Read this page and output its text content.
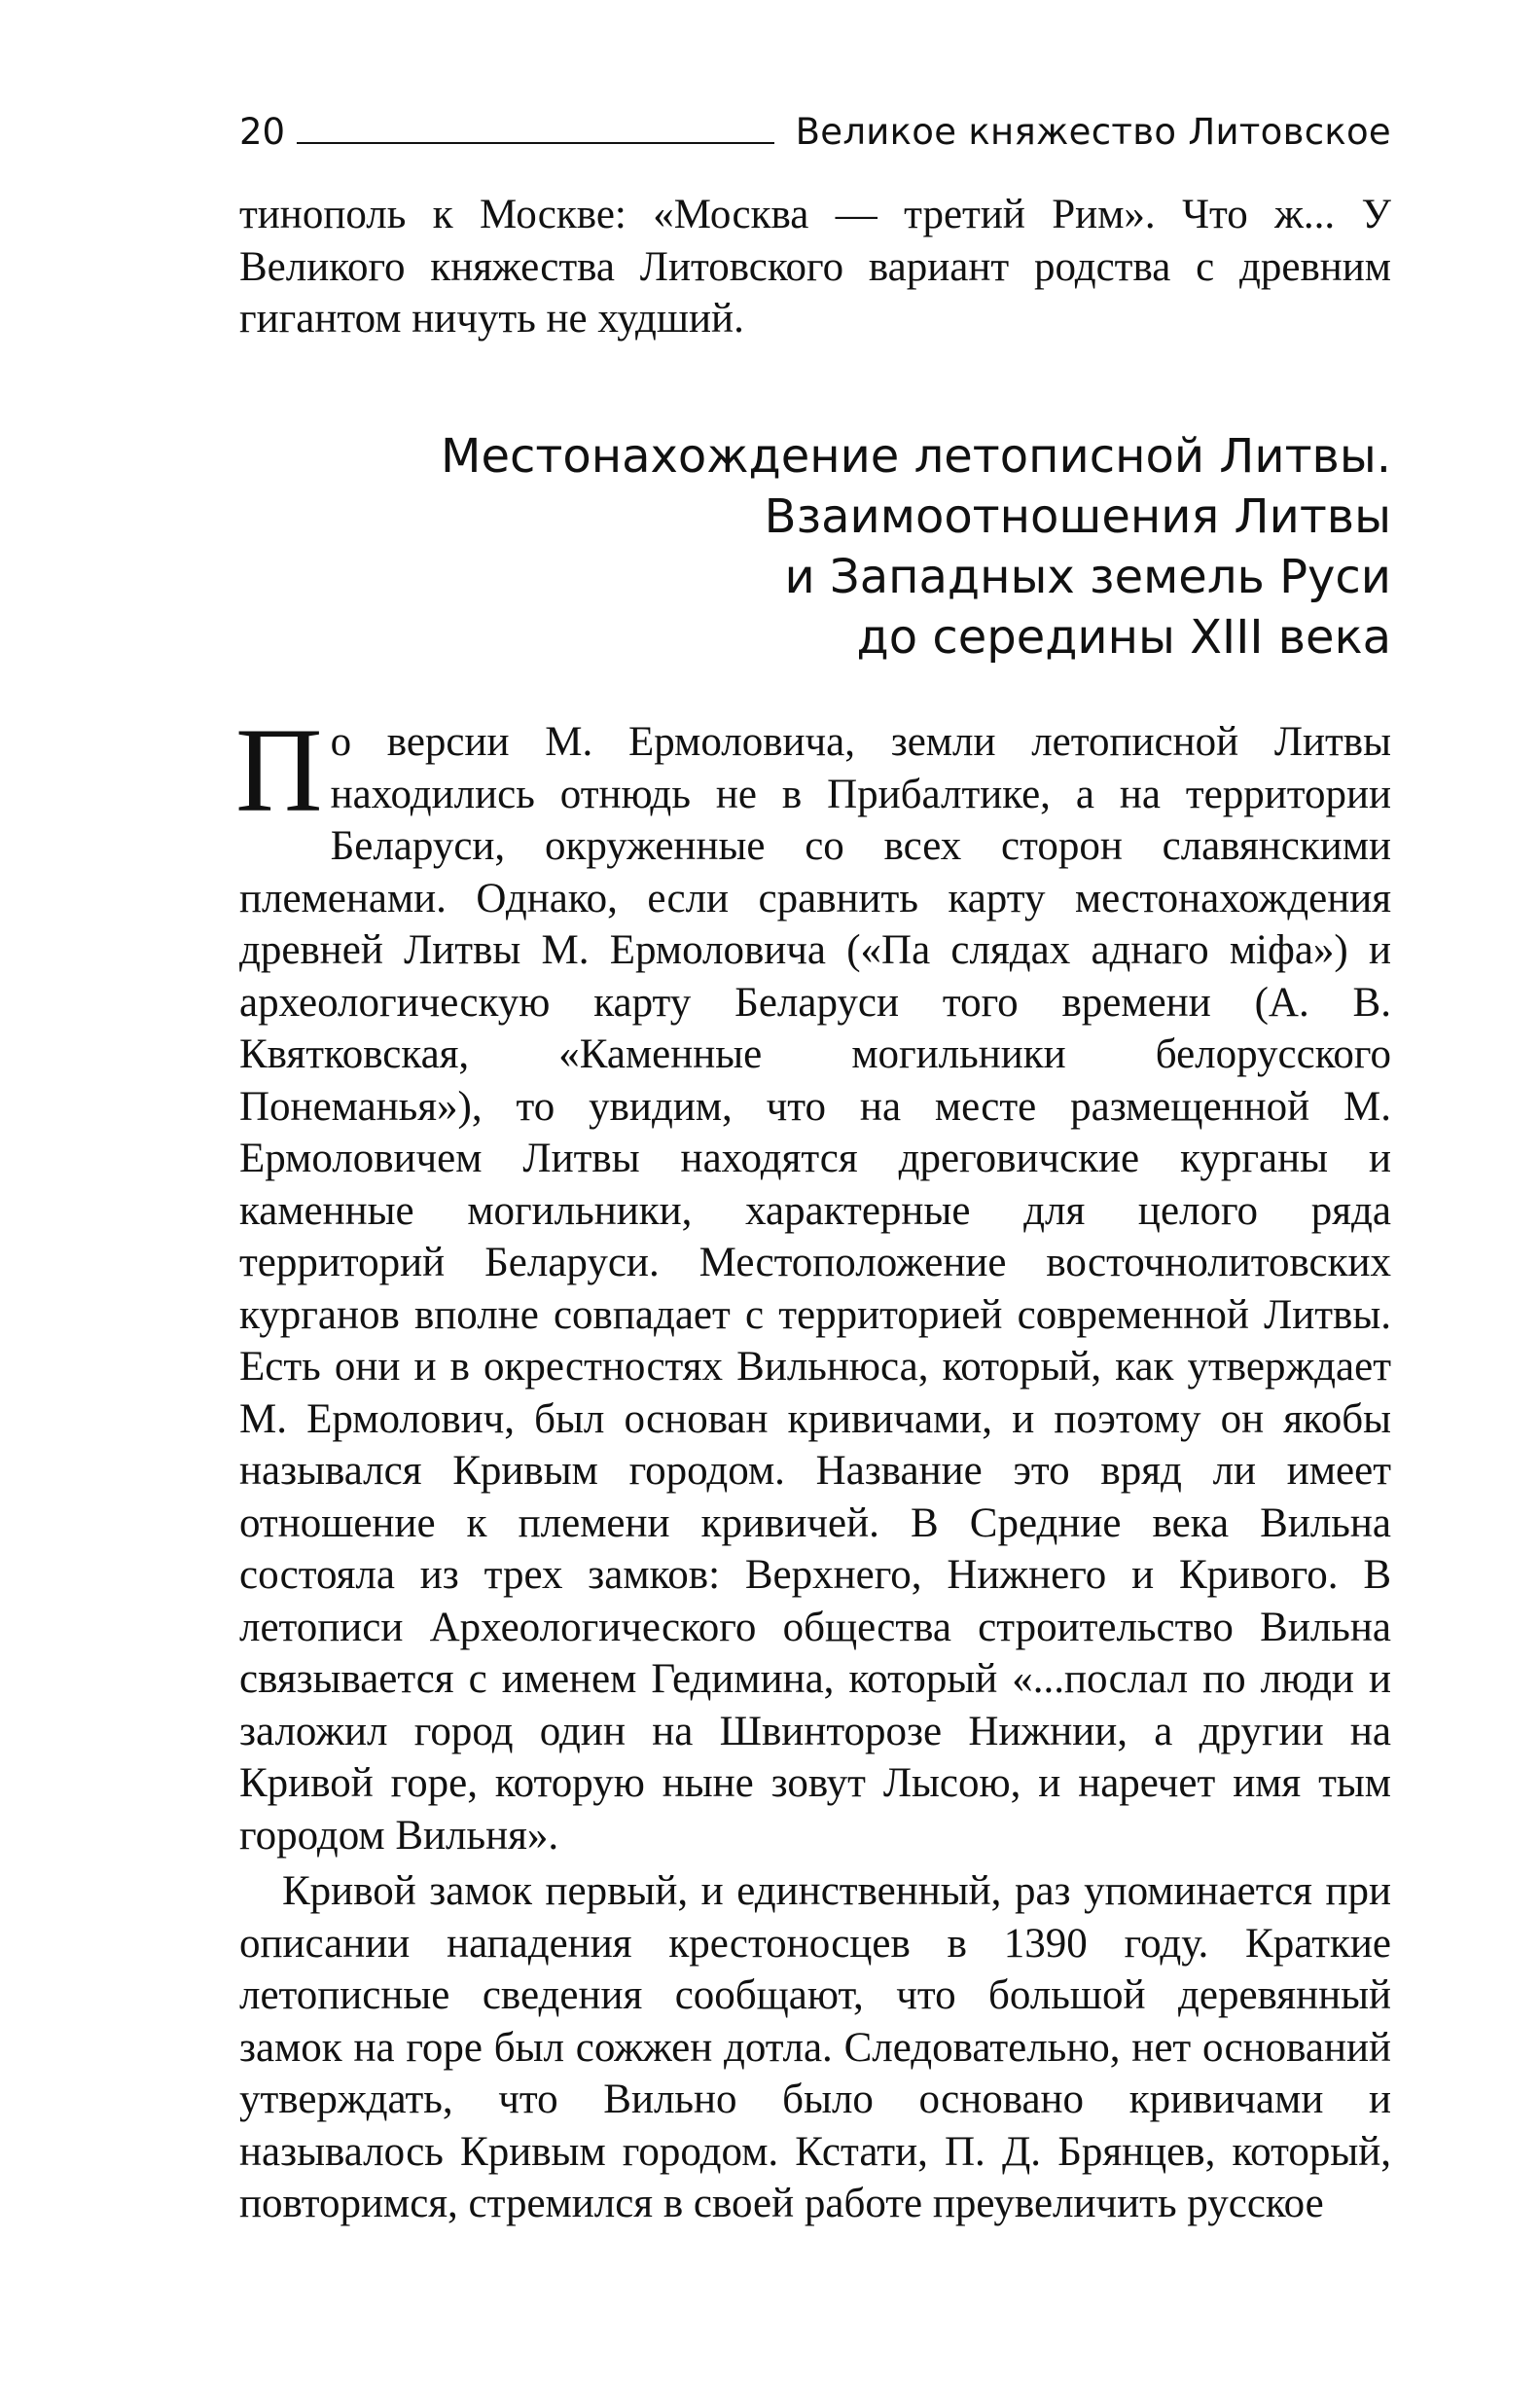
20	Великое княжество Литовское

тинополь к Москве: «Москва — третий Рим». Что ж... У Великого княжества Литовского вариант родства с древним гигантом ничуть не худший.

Местонахождение летописной Литвы.
Взаимоотношения Литвы
и Западных земель Руси
до середины XIII века

По версии М. Ермоловича, земли летописной Литвы находились отнюдь не в Прибалтике, а на территории Беларуси, окруженные со всех сторон славянскими племенами. Однако, если сравнить карту местонахождения древней Литвы М. Ермоловича («Па слядах аднаго міфа») и археологическую карту Беларуси того времени (А. В. Квятковская, «Каменные могильники белорусского Понеманья»), то увидим, что на месте размещенной М. Ермоловичем Литвы находятся дреговичские курганы и каменные могильники, характерные для целого ряда территорий Беларуси. Местоположение восточнолитовских курганов вполне совпадает с территорией современной Литвы. Есть они и в окрестностях Вильнюса, который, как утверждает М. Ермолович, был основан кривичами, и поэтому он якобы назывался Кривым городом. Название это вряд ли имеет отношение к племени кривичей. В Средние века Вильна состояла из трех замков: Верхнего, Нижнего и Кривого. В летописи Археологического общества строительство Вильна связывается с именем Гедимина, который «...послал по люди и заложил город один на Швинторозе Нижнии, а другии на Кривой горе, которую ныне зовут Лысою, и наречет имя тым городом Вильня».

Кривой замок первый, и единственный, раз упоминается при описании нападения крестоносцев в 1390 году. Краткие летописные сведения сообщают, что большой деревянный замок на горе был сожжен дотла. Следовательно, нет оснований утверждать, что Вильно было основано кривичами и называлось Кривым городом. Кстати, П. Д. Брянцев, который, повторимся, стремился в своей работе преувеличить русское
